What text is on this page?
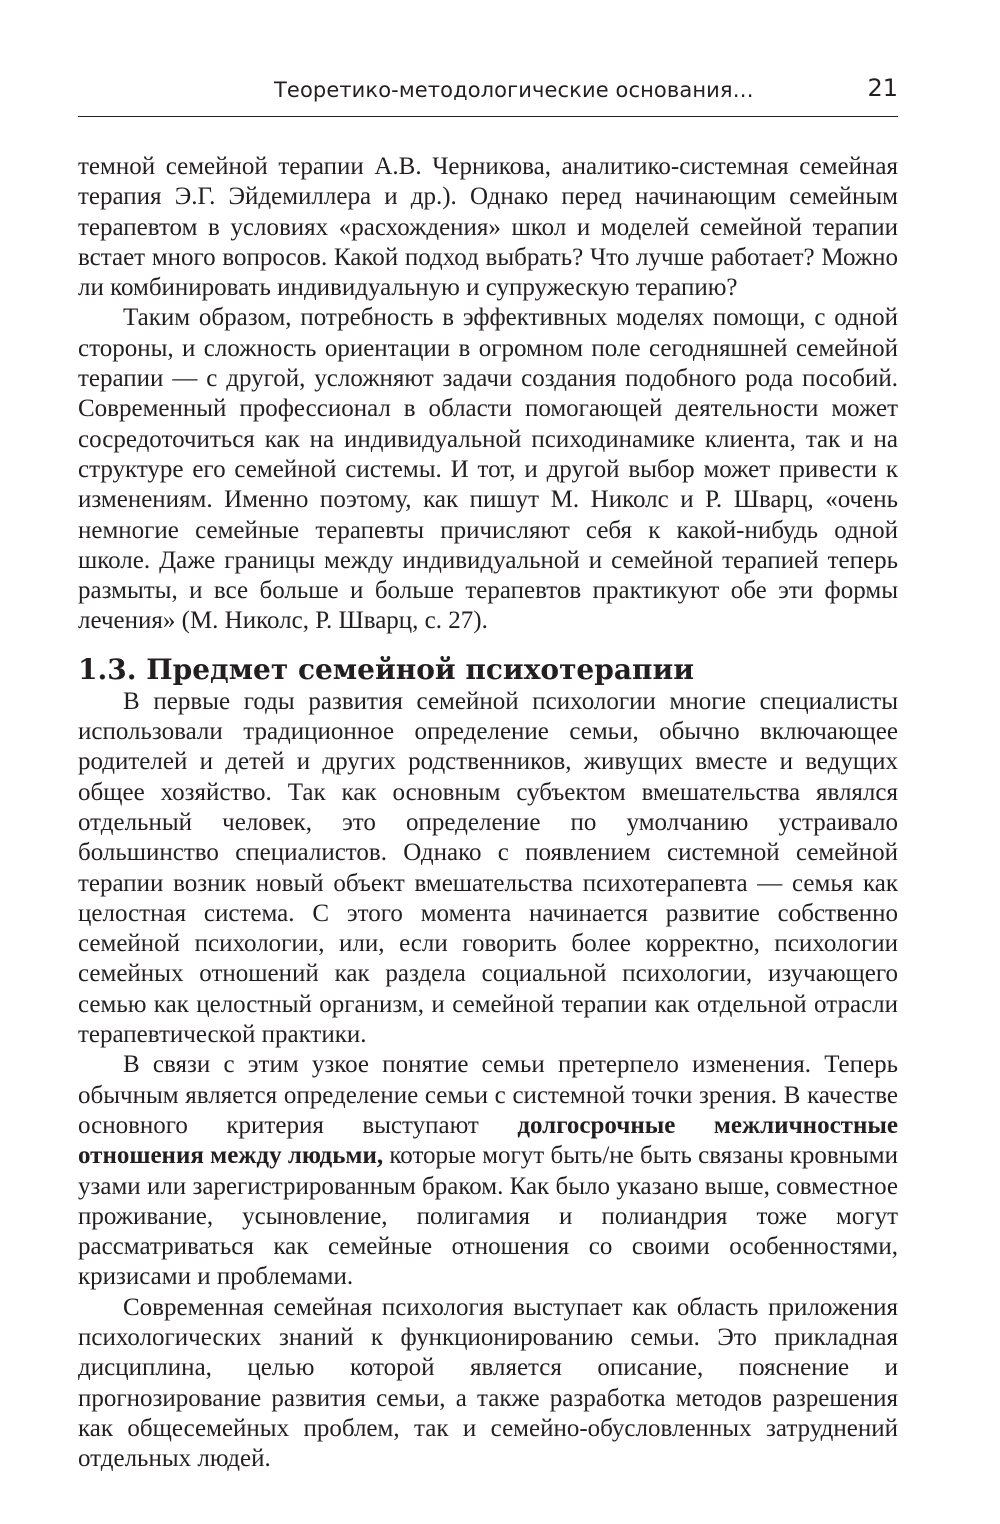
Теоретико-методологические основания…	21

темной семейной терапии А.В. Черникова, аналитико-системная семейная терапия Э.Г. Эйдемиллера и др.). Однако перед начинающим семейным терапевтом в условиях «расхождения» школ и моделей семейной терапии встает много вопросов. Какой подход выбрать? Что лучше работает? Можно ли комбинировать индивидуальную и супружескую терапию?

Таким образом, потребность в эффективных моделях помощи, с одной стороны, и сложность ориентации в огромном поле сегодняшней семейной терапии — с другой, усложняют задачи создания подобного рода пособий. Современный профессионал в области помогающей деятельности может сосредоточиться как на индивидуальной психодинамике клиента, так и на структуре его семейной системы. И тот, и другой выбор может привести к изменениям. Именно поэтому, как пишут М. Николс и Р. Шварц, «очень немногие семейные терапевты причисляют себя к какой-нибудь одной школе. Даже границы между индивидуальной и семейной терапией теперь размыты, и все больше и больше терапевтов практикуют обе эти формы лечения» (М. Николс, Р. Шварц, с. 27).

1.3. Предмет семейной психотерапии

В первые годы развития семейной психологии многие специалисты использовали традиционное определение семьи, обычно включающее родителей и детей и других родственников, живущих вместе и ведущих общее хозяйство. Так как основным субъектом вмешательства являлся отдельный человек, это определение по умолчанию устраивало большинство специалистов. Однако с появлением системной семейной терапии возник новый объект вмешательства психотерапевта — семья как целостная система. С этого момента начинается развитие собственно семейной психологии, или, если говорить более корректно, психологии семейных отношений как раздела социальной психологии, изучающего семью как целостный организм, и семейной терапии как отдельной отрасли терапевтической практики.

В связи с этим узкое понятие семьи претерпело изменения. Теперь обычным является определение семьи с системной точки зрения. В качестве основного критерия выступают долгосрочные межличностные отношения между людьми, которые могут быть/не быть связаны кровными узами или зарегистрированным браком. Как было указано выше, совместное проживание, усыновление, полигамия и полиандрия тоже могут рассматриваться как семейные отношения со своими особенностями, кризисами и проблемами.

Современная семейная психология выступает как область приложения психологических знаний к функционированию семьи. Это прикладная дисциплина, целью которой является описание, пояснение и прогнозирование развития семьи, а также разработка методов разрешения как общесемейных проблем, так и семейно-обусловленных затруднений отдельных людей.
